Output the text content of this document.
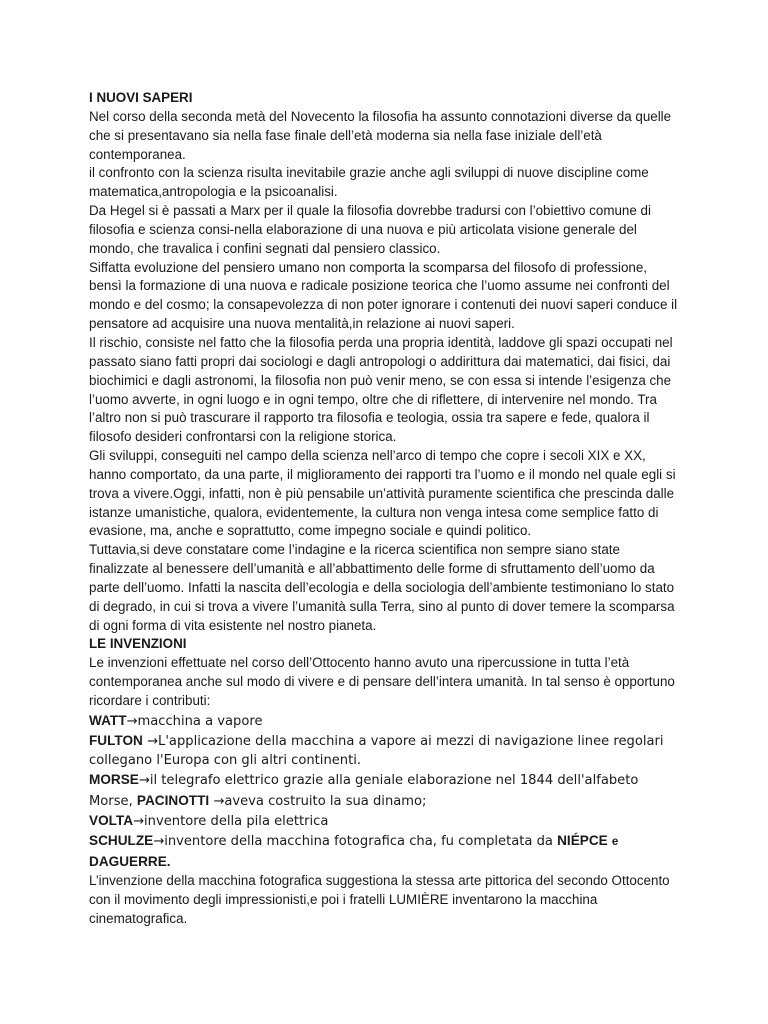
I NUOVI SAPERI

Nel corso della seconda metà del Novecento la filosofia ha assunto connotazioni diverse da quelle che si presentavano sia nella fase finale dell’età moderna sia nella fase iniziale dell’età contemporanea.

il confronto con la scienza risulta inevitabile grazie anche agli sviluppi di nuove discipline come matematica,antropologia e la psicoanalisi.

Da Hegel si è passati a Marx per il quale la filosofia dovrebbe tradursi con l’obiettivo comune di filosofia e scienza consi-nella elaborazione di una nuova e più articolata visione generale del mondo, che travalica i confini segnati dal pensiero classico.

Siffatta evoluzione del pensiero umano non comporta la scomparsa del filosofo di professione, bensì la formazione di una nuova e radicale posizione teorica che l’uomo assume nei confronti del mondo e del cosmo; la consapevolezza di non poter ignorare i contenuti dei nuovi saperi conduce il pensatore ad acquisire una nuova mentalità,in relazione ai nuovi saperi.

Il rischio, consiste nel fatto che la filosofia perda una propria identità, laddove gli spazi occupati nel passato siano fatti propri dai sociologi e dagli antropologi o addirittura dai matematici, dai fisici, dai biochimici e dagli astronomi, la filosofia non può venir meno, se con essa si intende l’esigenza che l’uomo avverte, in ogni luogo e in ogni tempo, oltre che di riflettere, di intervenire nel mondo. Tra l’altro non si può trascurare il rapporto tra filosofia e teologia, ossia tra sapere e fede, qualora il filosofo desideri confrontarsi con la religione storica.

Gli sviluppi, conseguiti nel campo della scienza nell’arco di tempo che copre i secoli XIX e XX, hanno comportato, da una parte, il miglioramento dei rapporti tra l’uomo e il mondo nel quale egli si trova a vivere.Oggi, infatti, non è più pensabile un’attività puramente scientifica che prescinda dalle istanze umanistiche, qualora, evidentemente, la cultura non venga intesa come semplice fatto di evasione, ma, anche e soprattutto, come impegno sociale e quindi politico.

Tuttavia,si deve constatare come l’indagine e la ricerca scientifica non sempre siano state finalizzate al benessere dell’umanità e all’abbattimento delle forme di sfruttamento dell’uomo da parte dell’uomo. Infatti la nascita dell’ecologia e della sociologia dell’ambiente testimoniano lo stato di degrado, in cui si trova a vivere l’umanità sulla Terra, sino al punto di dover temere la scomparsa di ogni forma di vita esistente nel nostro pianeta.

LE INVENZIONI

Le invenzioni effettuate nel corso dell’Ottocento hanno avuto una ripercussione in tutta l’età contemporanea anche sul modo di vivere e di pensare dell’intera umanità. In tal senso è opportuno ricordare i contributi:

WATT→macchina a vapore

FULTON →L'applicazione della macchina a vapore ai mezzi di navigazione linee regolari collegano l'Europa con gli altri continenti.

MORSE→il telegrafo elettrico grazie alla geniale elaborazione nel 1844 dell'alfabeto Morse, PACINOTTI →aveva costruito la sua dinamo;

VOLTA→inventore della pila elettrica

SCHULZE→inventore della macchina fotografica cha, fu completata da NIÉPCE e
DAGUERRE.

L’invenzione della macchina fotografica suggestiona la stessa arte pittorica del secondo Ottocento con il movimento degli impressionisti,e poi i fratelli LUMIÈRE inventarono la macchina cinematografica.
